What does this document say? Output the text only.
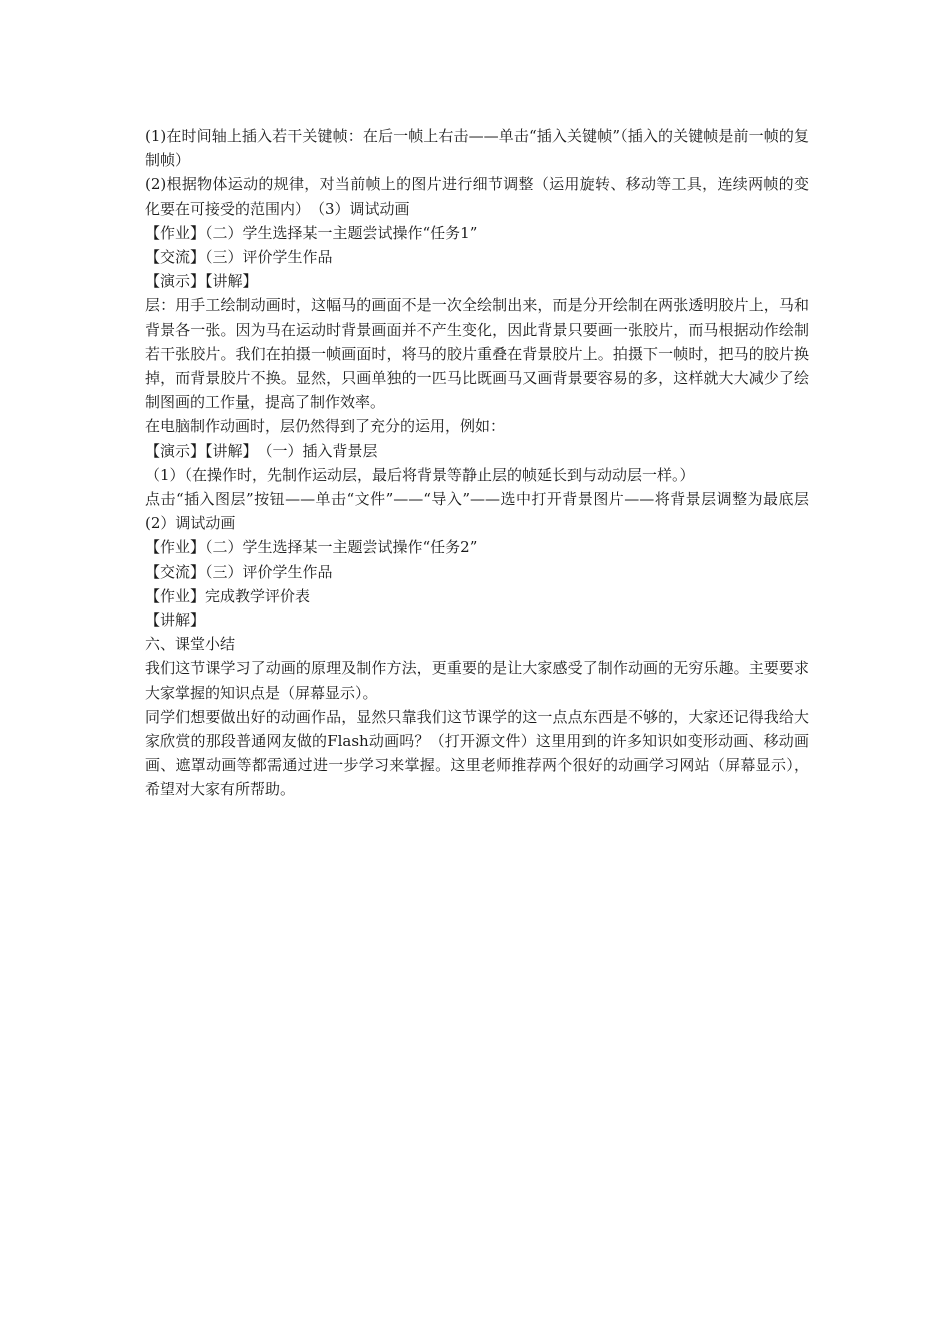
(1)在时间轴上插入若干关键帧：在后一帧上右击——单击“插入关键帧”（插入的关键帧是前一帧的复制帧）

(2)根据物体运动的规律，对当前帧上的图片进行细节调整（运用旋转、移动等工具，连续两帧的变化要在可接受的范围内）　（3）调试动画

【作业】（二）学生选择某一主题尝试操作“任务1”

【交流】（三）评价学生作品

【演示】【讲解】

层：用手工绘制动画时，这幅马的画面不是一次全绘制出来，而是分开绘制在两张透明胶片上，马和背景各一张。因为马在运动时背景画面并不产生变化，因此背景只要画一张胶片，而马根据动作绘制若干张胶片。我们在拍摄一帧画面时，将马的胶片重叠在背景胶片上。拍摄下一帧时，把马的胶片换掉，而背景胶片不换。显然，只画单独的一匹马比既画马又画背景要容易的多，这样就大大减少了绘制图画的工作量，提高了制作效率。

在电脑制作动画时，层仍然得到了充分的运用，例如：

【演示】【讲解】　（一）插入背景层

（1）（在操作时，先制作运动层，最后将背景等静止层的帧延长到与动动层一样。）

点击“插入图层”按钮——单击“文件”——“导入”——选中打开背景图片——将背景层调整为最底层　(2）调试动画

【作业】（二）学生选择某一主题尝试操作“任务2”

【交流】（三）评价学生作品

【作业】完成教学评价表

【讲解】

六、课堂小结

我们这节课学习了动画的原理及制作方法，更重要的是让大家感受了制作动画的无穷乐趣。主要要求大家掌握的知识点是（屏幕显示）。

同学们想要做出好的动画作品，显然只靠我们这节课学的这一点点东西是不够的，大家还记得我给大家欣赏的那段普通网友做的Flash动画吗？（打开源文件）这里用到的许多知识如变形动画、移动画画、遮罩动画等都需通过进一步学习来掌握。这里老师推荐两个很好的动画学习网站（屏幕显示），希望对大家有所帮助。
